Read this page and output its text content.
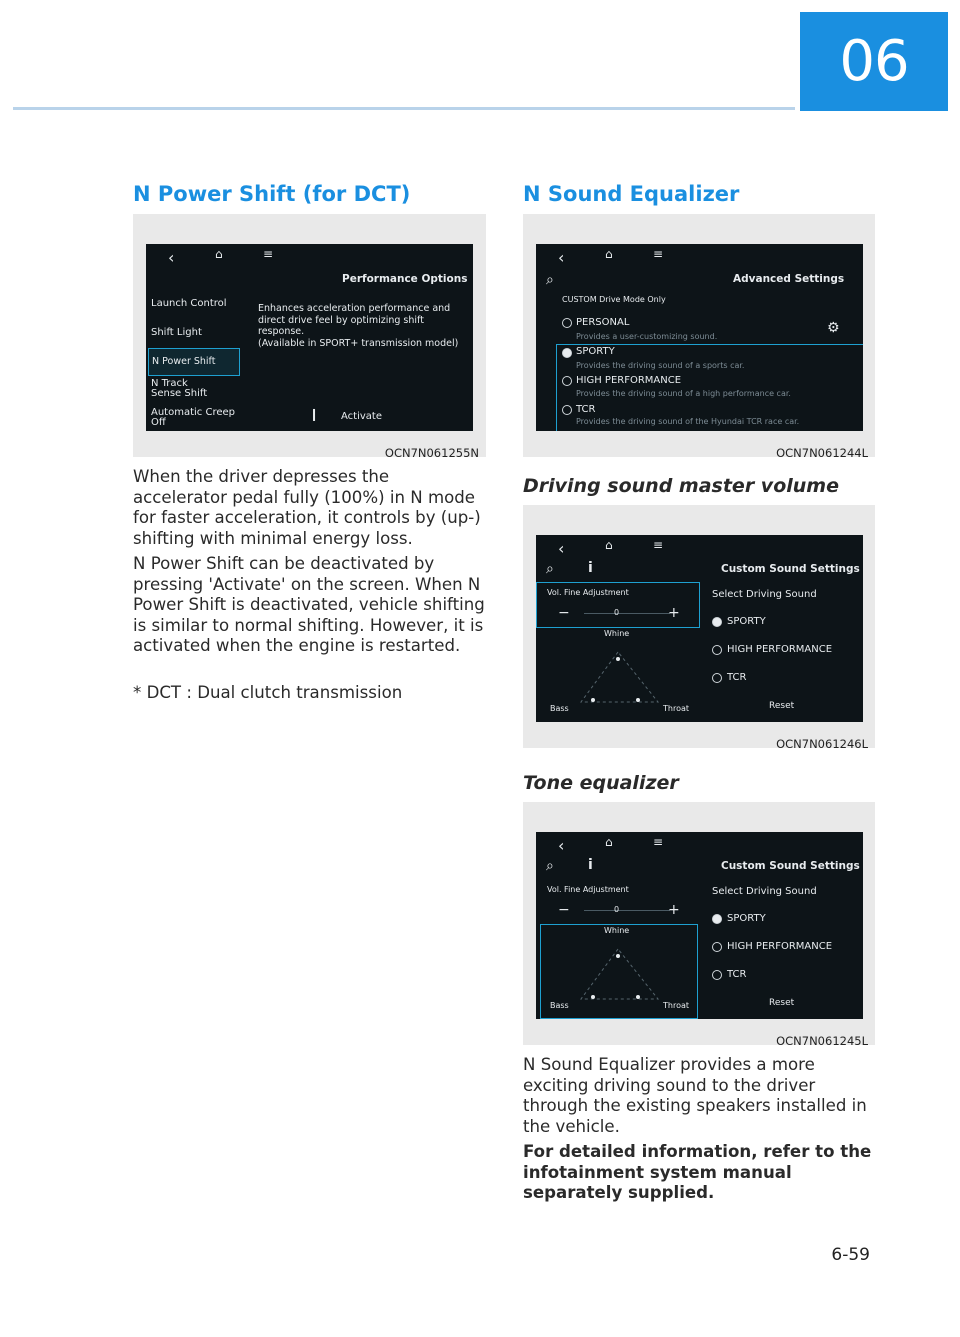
06
N Power Shift (for DCT)
‹	⌂	≡
Performance Options
Launch Control
Shift Light
N Power Shift
N Track
Sense Shift
Automatic Creep
Off
Enhances acceleration performance and
direct drive feel by optimizing shift
response.
(Available in SPORT+ transmission model)
❙ Activate
OCN7N061255N

When the driver depresses the accelerator pedal fully (100%) in N mode for faster acceleration, it controls by (up-) shifting with minimal energy loss.

N Power Shift can be deactivated by pressing 'Activate' on the screen. When N Power Shift is deactivated, vehicle shifting is similar to normal shifting. However, it is activated when the engine is restarted.

* DCT : Dual clutch transmission

N Sound Equalizer
‹	⌂	≡
⌕	Advanced Settings
CUSTOM Drive Mode Only
⚙
PERSONAL
Provides a user-customizing sound.
SPORTY
Provides the driving sound of a sports car.
HIGH PERFORMANCE
Provides the driving sound of a high performance car.
TCR
Provides the driving sound of the Hyundai TCR race car.
OCN7N061244L
Driving sound master volume
‹	⌂	≡
⌕ i
Vol. Fine Adjustment
−	0	+
Whine
Bass	Throat
Custom Sound Settings
Select Driving Sound
SPORTY
HIGH PERFORMANCE
TCR
Reset
OCN7N061246L
Tone equalizer
‹	⌂	≡
⌕ i
Vol. Fine Adjustment
−	0	+
Whine
Bass	Throat
Custom Sound Settings
Select Driving Sound
SPORTY
HIGH PERFORMANCE
TCR
Reset
OCN7N061245L

N Sound Equalizer provides a more exciting driving sound to the driver through the existing speakers installed in the vehicle.

For detailed information, refer to the infotainment system manual separately supplied.

6-59
